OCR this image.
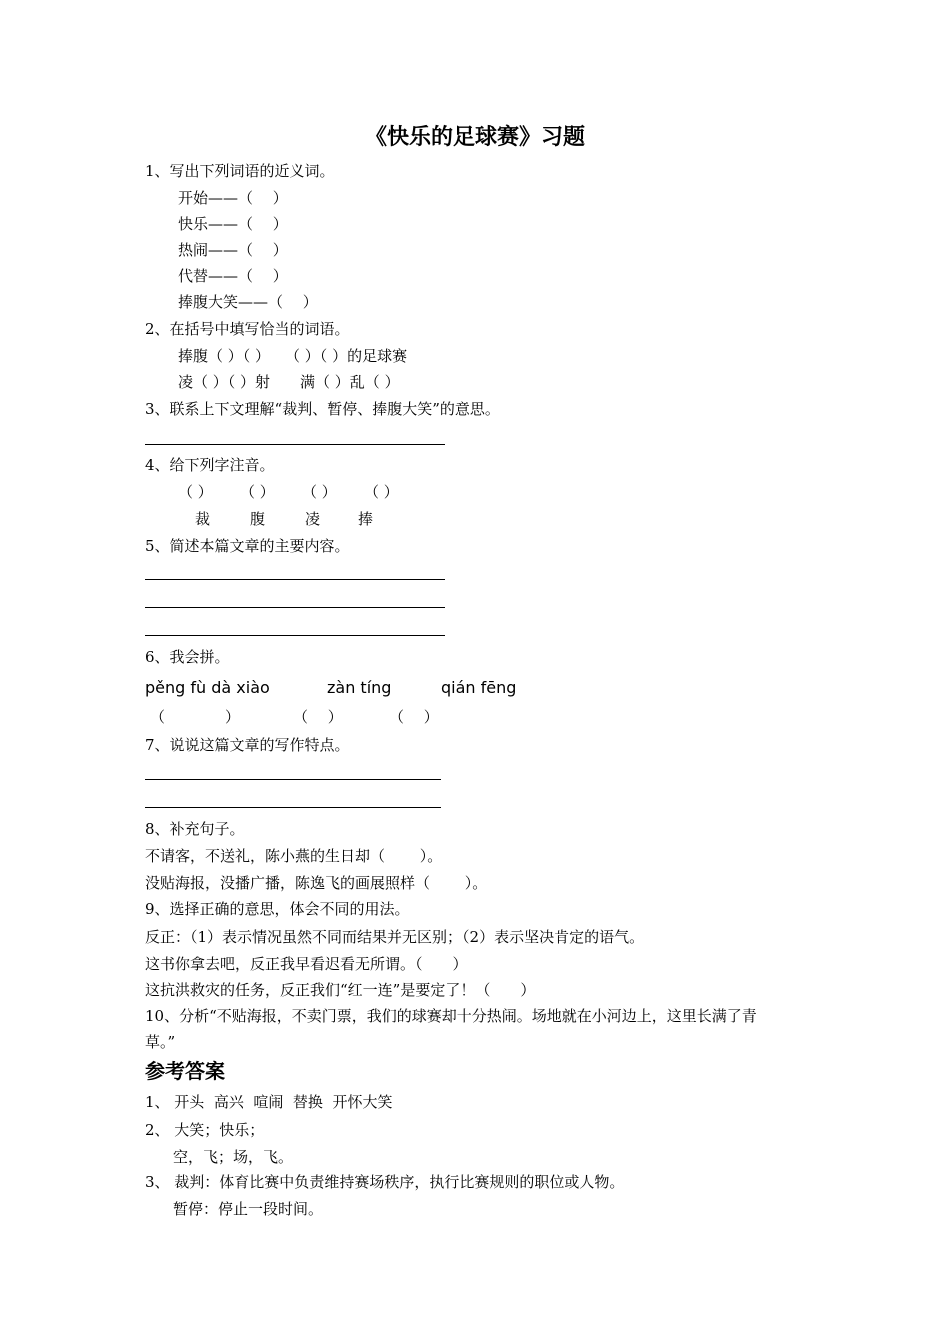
《快乐的足球赛》习题
1、写出下列词语的近义词。
开始——（　 ）
快乐——（　 ）
热闹——（　 ）
代替——（　 ）
捧腹大笑——（　 ）
2、在括号中填写恰当的词语。
捧腹（ ）（ ）　　（ ）（ ）的足球赛
凌（ ）（ ）射　　满（ ）乱（ ）
3、联系上下文理解“裁判、暂停、捧腹大笑”的意思。
4、给下列字注音。
（ ） （ ） （ ） （ ）
裁	腹	凌	捧
5、简述本篇文章的主要内容。
6、我会拼。
pěng fù dà xiào	zàn tíng	qián fēng
（　　　　）	（　 ）	（　 ）
7、说说这篇文章的写作特点。
8、补充句子。
不请客，不送礼，陈小燕的生日却（　　 ）。
没贴海报，没播广播，陈逸飞的画展照样（　　 ）。
9、选择正确的意思，体会不同的用法。
反正：（1）表示情况虽然不同而结果并无区别；（2）表示坚决肯定的语气。
这书你拿去吧，反正我早看迟看无所谓。（　　）
这抗洪救灾的任务，反正我们“红一连”是要定了！（　　）
10、分析“不贴海报，不卖门票，我们的球赛却十分热闹。场地就在小河边上，这里长满了青
草。”
参考答案
1、 开头  高兴  喧闹  替换  开怀大笑
2、 大笑；快乐；
空，飞；场，飞。
3、 裁判：体育比赛中负责维持赛场秩序，执行比赛规则的职位或人物。
暂停：停止一段时间。
